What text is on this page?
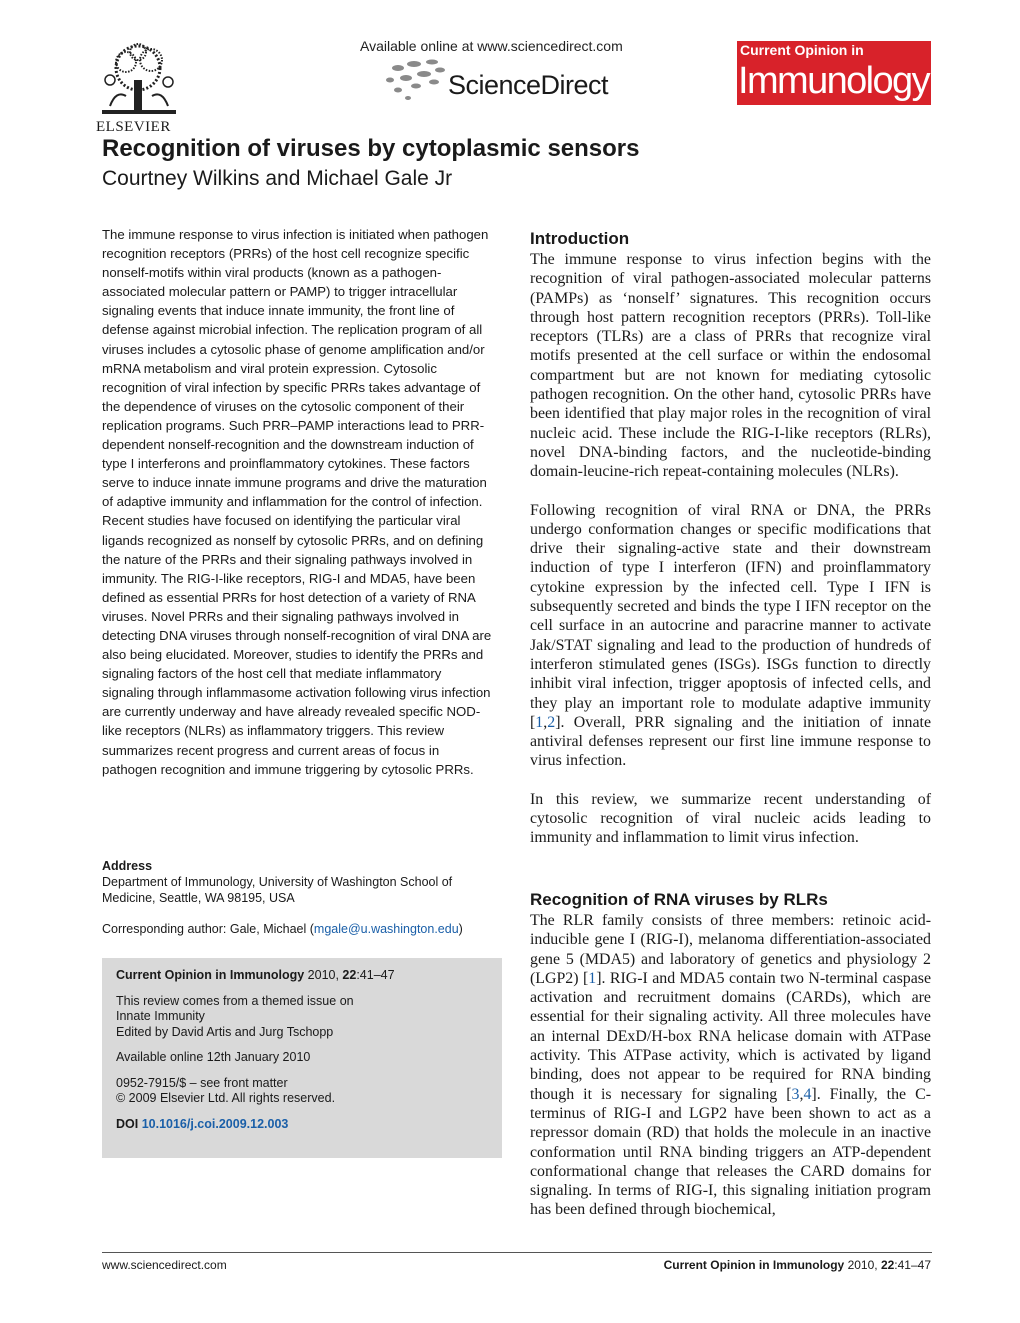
ELSEVIER
Available online at www.sciencedirect.com
ScienceDirect
Current Opinion in
Immunology
Recognition of viruses by cytoplasmic sensors
Courtney Wilkins and Michael Gale Jr

The immune response to virus infection is initiated when pathogen recognition receptors (PRRs) of the host cell recognize specific nonself-motifs within viral products (known as a pathogen-associated molecular pattern or PAMP) to trigger intracellular signaling events that induce innate immunity, the front line of defense against microbial infection. The replication program of all viruses includes a cytosolic phase of genome amplification and/or mRNA metabolism and viral protein expression. Cytosolic recognition of viral infection by specific PRRs takes advantage of the dependence of viruses on the cytosolic component of their replication programs. Such PRR–PAMP interactions lead to PRR-dependent nonself-recognition and the downstream induction of type I interferons and proinflammatory cytokines. These factors serve to induce innate immune programs and drive the maturation of adaptive immunity and inflammation for the control of infection. Recent studies have focused on identifying the particular viral ligands recognized as nonself by cytosolic PRRs, and on defining the nature of the PRRs and their signaling pathways involved in immunity. The RIG-I-like receptors, RIG-I and MDA5, have been defined as essential PRRs for host detection of a variety of RNA viruses. Novel PRRs and their signaling pathways involved in detecting DNA viruses through nonself-recognition of viral DNA are also being elucidated. Moreover, studies to identify the PRRs and signaling factors of the host cell that mediate inflammatory signaling through inflammasome activation following virus infection are currently underway and have already revealed specific NOD-like receptors (NLRs) as inflammatory triggers. This review summarizes recent progress and current areas of focus in pathogen recognition and immune triggering by cytosolic PRRs.

Address
Department of Immunology, University of Washington School of Medicine, Seattle, WA 98195, USA
Corresponding author: Gale, Michael (mgale@u.washington.edu)

Current Opinion in Immunology 2010, 22:41–47

This review comes from a themed issue on
Innate Immunity
Edited by David Artis and Jurg Tschopp

Available online 12th January 2010

0952-7915/$ – see front matter
© 2009 Elsevier Ltd. All rights reserved.

DOI 10.1016/j.coi.2009.12.003

Introduction

The immune response to virus infection begins with the recognition of viral pathogen-associated molecular patterns (PAMPs) as ‘nonself’ signatures. This recognition occurs through host pattern recognition receptors (PRRs). Toll-like receptors (TLRs) are a class of PRRs that recognize viral motifs presented at the cell surface or within the endosomal compartment but are not known for mediating cytosolic pathogen recognition. On the other hand, cytosolic PRRs have been identified that play major roles in the recognition of viral nucleic acid. These include the RIG-I-like receptors (RLRs), novel DNA-binding factors, and the nucleotide-binding domain-leucine-rich repeat-containing molecules (NLRs).

Following recognition of viral RNA or DNA, the PRRs undergo conformation changes or specific modifications that drive their signaling-active state and their downstream induction of type I interferon (IFN) and proinflammatory cytokine expression by the infected cell. Type I IFN is subsequently secreted and binds the type I IFN receptor on the cell surface in an autocrine and paracrine manner to activate Jak/STAT signaling and lead to the production of hundreds of interferon stimulated genes (ISGs). ISGs function to directly inhibit viral infection, trigger apoptosis of infected cells, and they play an important role to modulate adaptive immunity [1,2]. Overall, PRR signaling and the initiation of innate antiviral defenses represent our first line immune response to virus infection.

In this review, we summarize recent understanding of cytosolic recognition of viral nucleic acids leading to immunity and inflammation to limit virus infection.

Recognition of RNA viruses by RLRs

The RLR family consists of three members: retinoic acid-inducible gene I (RIG-I), melanoma differentiation-associated gene 5 (MDA5) and laboratory of genetics and physiology 2 (LGP2) [1]. RIG-I and MDA5 contain two N-terminal caspase activation and recruitment domains (CARDs), which are essential for their signaling activity. All three molecules have an internal DExD/H-box RNA helicase domain with ATPase activity. This ATPase activity, which is activated by ligand binding, does not appear to be required for RNA binding though it is necessary for signaling [3,4]. Finally, the C-terminus of RIG-I and LGP2 have been shown to act as a repressor domain (RD) that holds the molecule in an inactive conformation until RNA binding triggers an ATP-dependent conformational change that releases the CARD domains for signaling. In terms of RIG-I, this signaling initiation program has been defined through biochemical,

www.sciencedirect.com	Current Opinion in Immunology 2010, 22:41–47
